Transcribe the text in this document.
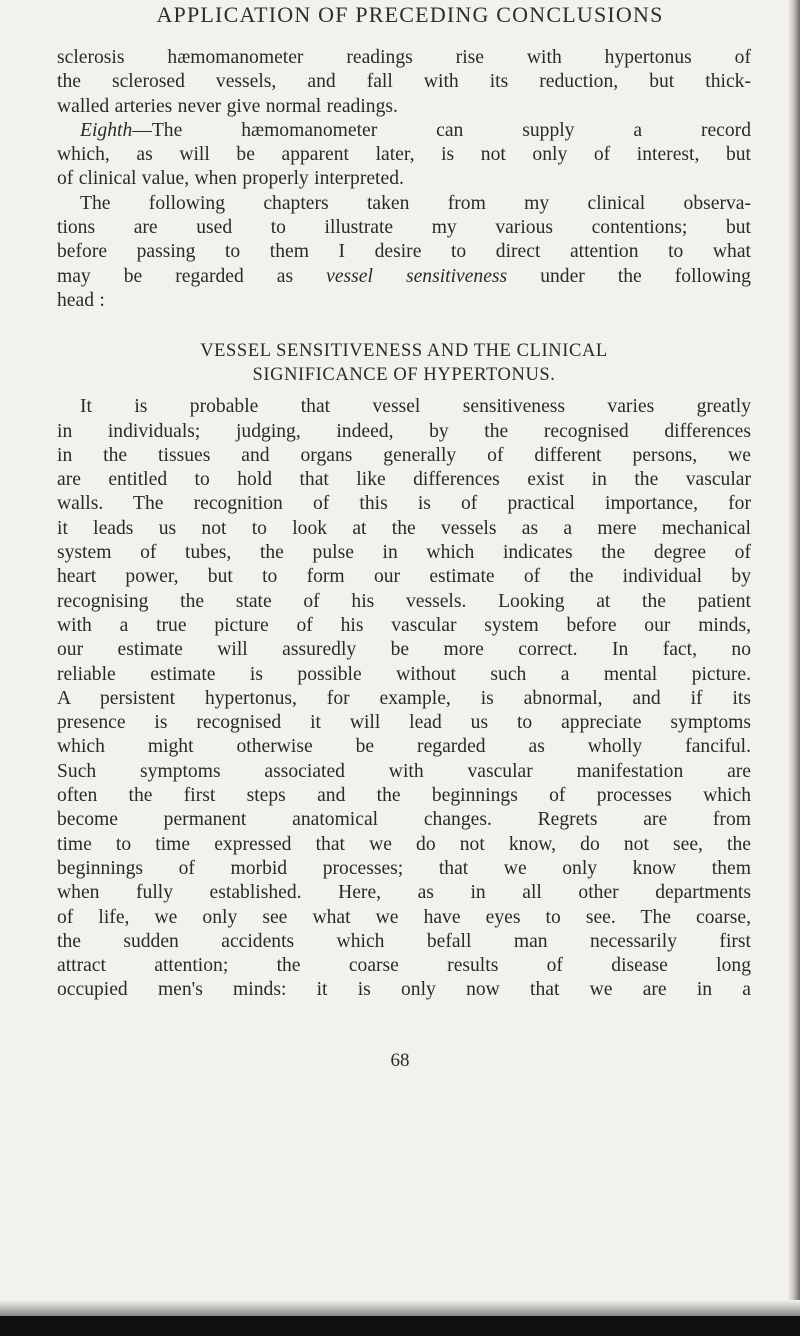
APPLICATION OF PRECEDING CONCLUSIONS

sclerosis hæmomanometer readings rise with hypertonus of

the sclerosed vessels, and fall with its reduction, but thick-

walled arteries never give normal readings.

Eighth—The hæmomanometer can supply a record

which, as will be apparent later, is not only of interest, but

of clinical value, when properly interpreted.

The following chapters taken from my clinical observa-

tions are used to illustrate my various contentions; but

before passing to them I desire to direct attention to what

may be regarded as vessel sensitiveness under the following

head :

VESSEL SENSITIVENESS AND THE CLINICAL

SIGNIFICANCE OF HYPERTONUS.

It is probable that vessel sensitiveness varies greatly

in individuals; judging, indeed, by the recognised differences

in the tissues and organs generally of different persons, we

are entitled to hold that like differences exist in the vascular

walls. The recognition of this is of practical importance, for

it leads us not to look at the vessels as a mere mechanical

system of tubes, the pulse in which indicates the degree of

heart power, but to form our estimate of the individual by

recognising the state of his vessels. Looking at the patient

with a true picture of his vascular system before our minds,

our estimate will assuredly be more correct. In fact, no

reliable estimate is possible without such a mental picture.

A persistent hypertonus, for example, is abnormal, and if its

presence is recognised it will lead us to appreciate symptoms

which might otherwise be regarded as wholly fanciful.

Such symptoms associated with vascular manifestation are

often the first steps and the beginnings of processes which

become permanent anatomical changes. Regrets are from

time to time expressed that we do not know, do not see, the

beginnings of morbid processes; that we only know them

when fully established. Here, as in all other departments

of life, we only see what we have eyes to see. The coarse,

the sudden accidents which befall man necessarily first

attract attention; the coarse results of disease long

occupied men's minds: it is only now that we are in a

68
